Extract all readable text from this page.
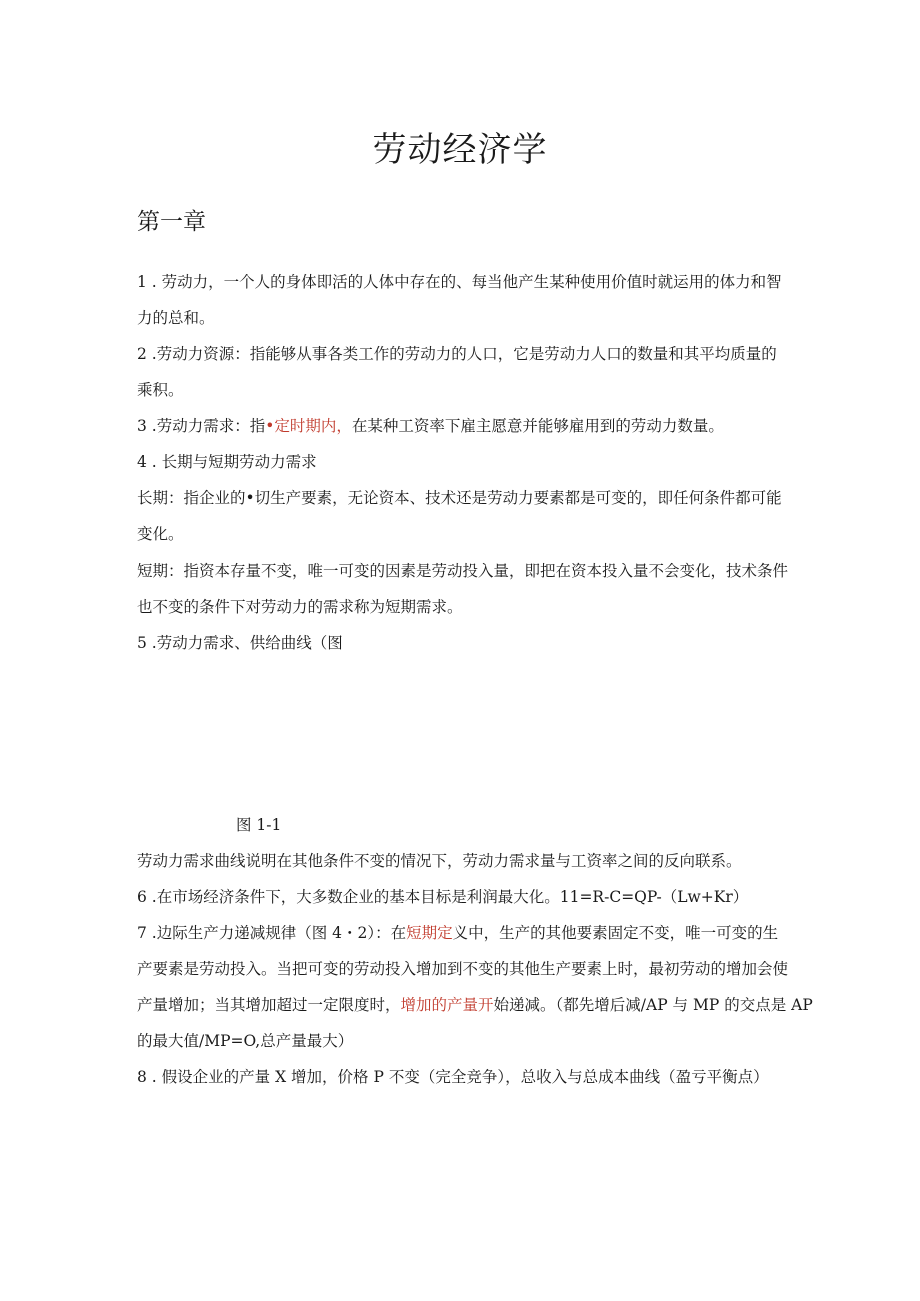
劳动经济学
第一章
1 . 劳动力，一个人的身体即活的人体中存在的、每当他产生某种使用价值时就运用的体力和智
力的总和。
2 .劳动力资源：指能够从事各类工作的劳动力的人口，它是劳动力人口的数量和其平均质量的
乘积。
3 .劳动力需求：指•定时期内，在某种工资率下雇主愿意并能够雇用到的劳动力数量。
4 . 长期与短期劳动力需求
长期：指企业的•切生产要素，无论资本、技术还是劳动力要素都是可变的，即任何条件都可能
变化。
短期：指资本存量不变，唯一可变的因素是劳动投入量，即把在资本投入量不会变化，技术条件
也不变的条件下对劳动力的需求称为短期需求。
5 .劳动力需求、供给曲线（图
图 1-1
劳动力需求曲线说明在其他条件不变的情况下，劳动力需求量与工资率之间的反向联系。
6 .在市场经济条件下，大多数企业的基本目标是利润最大化。11=R-C=QP-（Lw+Kr）
7 .边际生产力递减规律（图 4・2）：在短期定义中，生产的其他要素固定不变，唯一可变的生
产要素是劳动投入。当把可变的劳动投入增加到不变的其他生产要素上时，最初劳动的增加会使
产量增加；当其增加超过一定限度时，增加的产量开始递减。（都先增后减/AP 与 MP 的交点是 AP
的最大值/MP=O,总产量最大）
8 . 假设企业的产量 X 增加，价格 P 不变（完全竞争），总收入与总成本曲线（盈亏平衡点）
